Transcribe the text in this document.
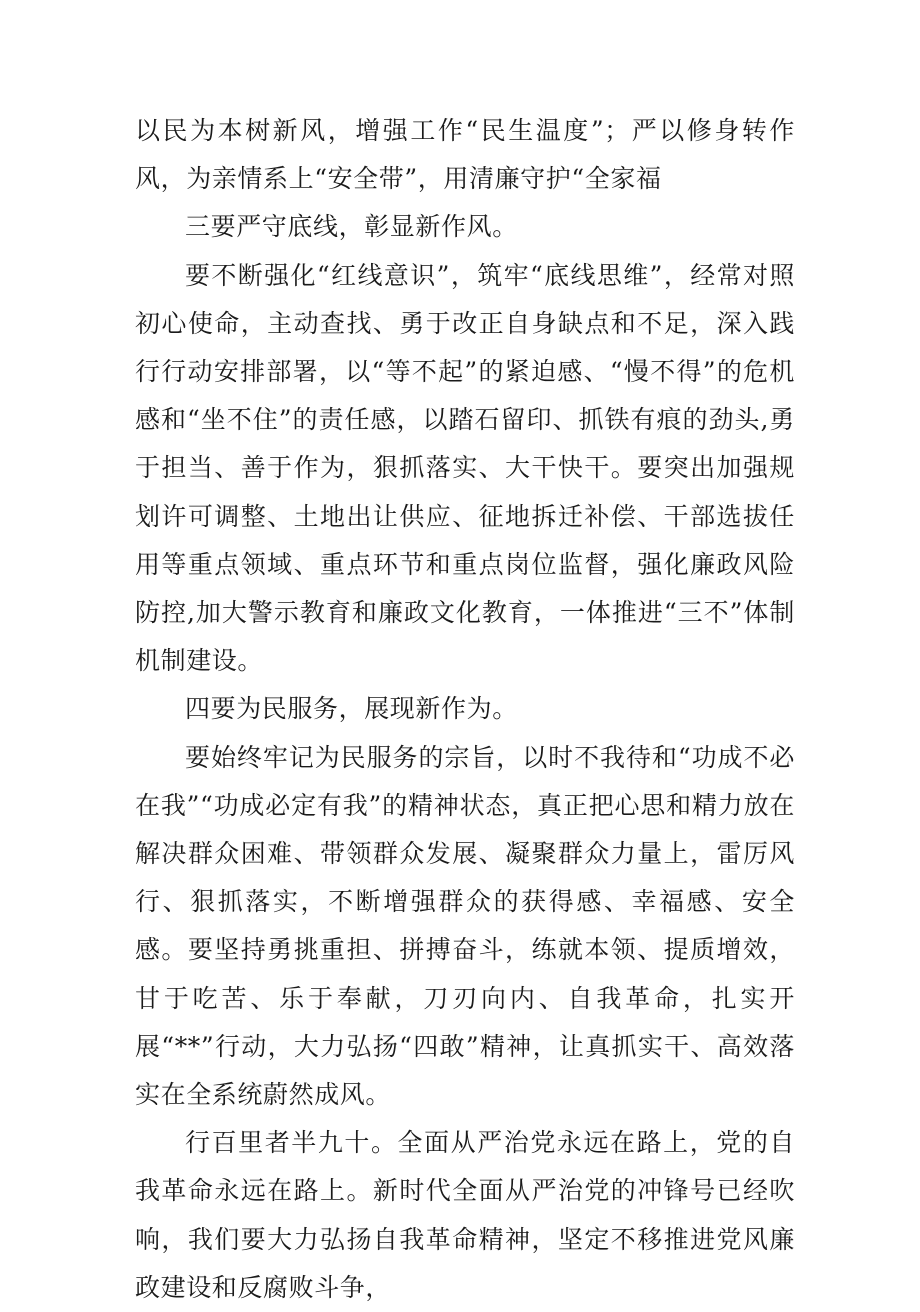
以民为本树新风，增强工作“民生温度”；严以修身转作风，为亲情系上“安全带”，用清廉守护“全家福

三要严守底线，彰显新作风。

要不断强化“红线意识”，筑牢“底线思维”，经常对照初心使命，主动查找、勇于改正自身缺点和不足，深入践行行动安排部署，以“等不起”的紧迫感、“慢不得”的危机感和“坐不住”的责任感，以踏石留印、抓铁有痕的劲头,勇于担当、善于作为，狠抓落实、大干快干。要突出加强规划许可调整、土地出让供应、征地拆迁补偿、干部选拔任用等重点领域、重点环节和重点岗位监督，强化廉政风险防控,加大警示教育和廉政文化教育，一体推进“三不”体制机制建设。

四要为民服务，展现新作为。

要始终牢记为民服务的宗旨，以时不我待和“功成不必在我”“功成必定有我”的精神状态，真正把心思和精力放在解决群众困难、带领群众发展、凝聚群众力量上，雷厉风行、狠抓落实，不断增强群众的获得感、幸福感、安全感。要坚持勇挑重担、拼搏奋斗，练就本领、提质增效，甘于吃苦、乐于奉献，刀刃向内、自我革命，扎实开展“**”行动，大力弘扬“四敢”精神，让真抓实干、高效落实在全系统蔚然成风。

行百里者半九十。全面从严治党永远在路上，党的自我革命永远在路上。新时代全面从严治党的冲锋号已经吹响，我们要大力弘扬自我革命精神，坚定不移推进党风廉政建设和反腐败斗争，
